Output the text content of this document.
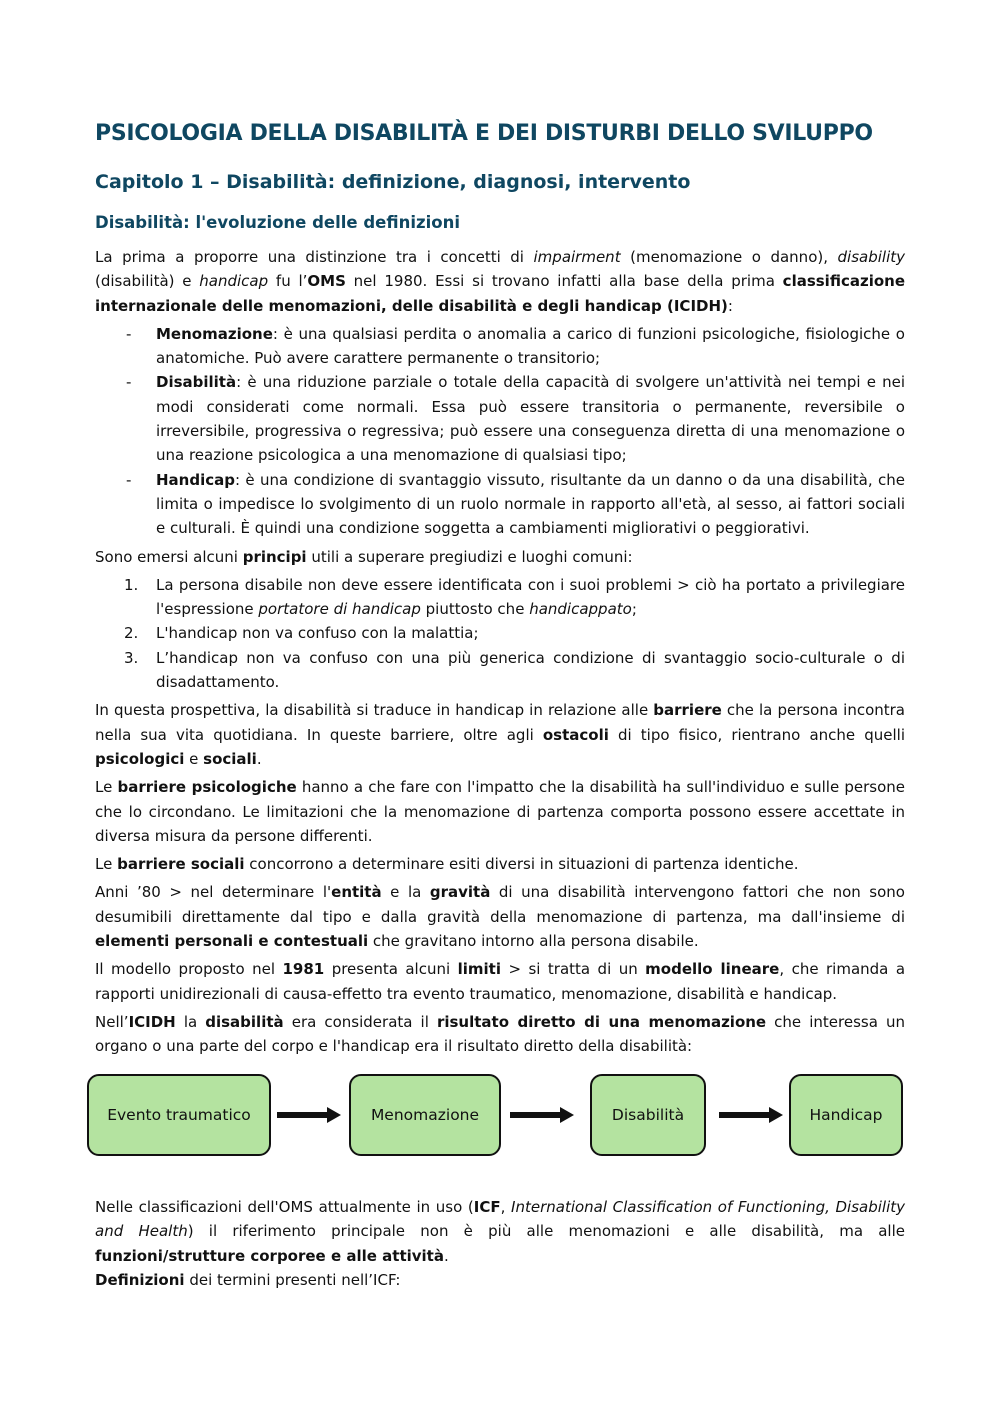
PSICOLOGIA DELLA DISABILITÀ E DEI DISTURBI DELLO SVILUPPO
Capitolo 1 – Disabilità: definizione, diagnosi, intervento
Disabilità: l'evoluzione delle definizioni

La prima a proporre una distinzione tra i concetti di impairment (menomazione o danno), disability (disabilità) e handicap fu l’OMS nel 1980. Essi si trovano infatti alla base della prima classificazione internazionale delle menomazioni, delle disabilità e degli handicap (ICIDH):

- Menomazione: è una qualsiasi perdita o anomalia a carico di funzioni psicologiche, fisiologiche o anatomiche. Può avere carattere permanente o transitorio;
- Disabilità: è una riduzione parziale o totale della capacità di svolgere un'attività nei tempi e nei modi considerati come normali. Essa può essere transitoria o permanente, reversibile o irreversibile, progressiva o regressiva; può essere una conseguenza diretta di una menomazione o una reazione psicologica a una menomazione di qualsiasi tipo;
- Handicap: è una condizione di svantaggio vissuto, risultante da un danno o da una disabilità, che limita o impedisce lo svolgimento di un ruolo normale in rapporto all'età, al sesso, ai fattori sociali e culturali. È quindi una condizione soggetta a cambiamenti migliorativi o peggiorativi.

Sono emersi alcuni principi utili a superare pregiudizi e luoghi comuni:

1. La persona disabile non deve essere identificata con i suoi problemi > ciò ha portato a privilegiare l'espressione portatore di handicap piuttosto che handicappato;
2. L'handicap non va confuso con la malattia;
3. L’handicap non va confuso con una più generica condizione di svantaggio socio-culturale o di disadattamento.

In questa prospettiva, la disabilità si traduce in handicap in relazione alle barriere che la persona incontra nella sua vita quotidiana. In queste barriere, oltre agli ostacoli di tipo fisico, rientrano anche quelli psicologici e sociali.

Le barriere psicologiche hanno a che fare con l'impatto che la disabilità ha sull'individuo e sulle persone che lo circondano. Le limitazioni che la menomazione di partenza comporta possono essere accettate in diversa misura da persone differenti.

Le barriere sociali concorrono a determinare esiti diversi in situazioni di partenza identiche.

Anni ’80 > nel determinare l'entità e la gravità di una disabilità intervengono fattori che non sono desumibili direttamente dal tipo e dalla gravità della menomazione di partenza, ma dall'insieme di elementi personali e contestuali che gravitano intorno alla persona disabile.

Il modello proposto nel 1981 presenta alcuni limiti > si tratta di un modello lineare, che rimanda a rapporti unidirezionali di causa-effetto tra evento traumatico, menomazione, disabilità e handicap.

Nell’ICIDH la disabilità era considerata il risultato diretto di una menomazione che interessa un organo o una parte del corpo e l'handicap era il risultato diretto della disabilità:

Nelle classificazioni dell'OMS attualmente in uso (ICF, International Classification of Functioning, Disability and Health) il riferimento principale non è più alle menomazioni e alle disabilità, ma alle funzioni/strutture corporee e alle attività.

Definizioni dei termini presenti nell’ICF:

Evento traumatico	Menomazione	Disabilità	Handicap
